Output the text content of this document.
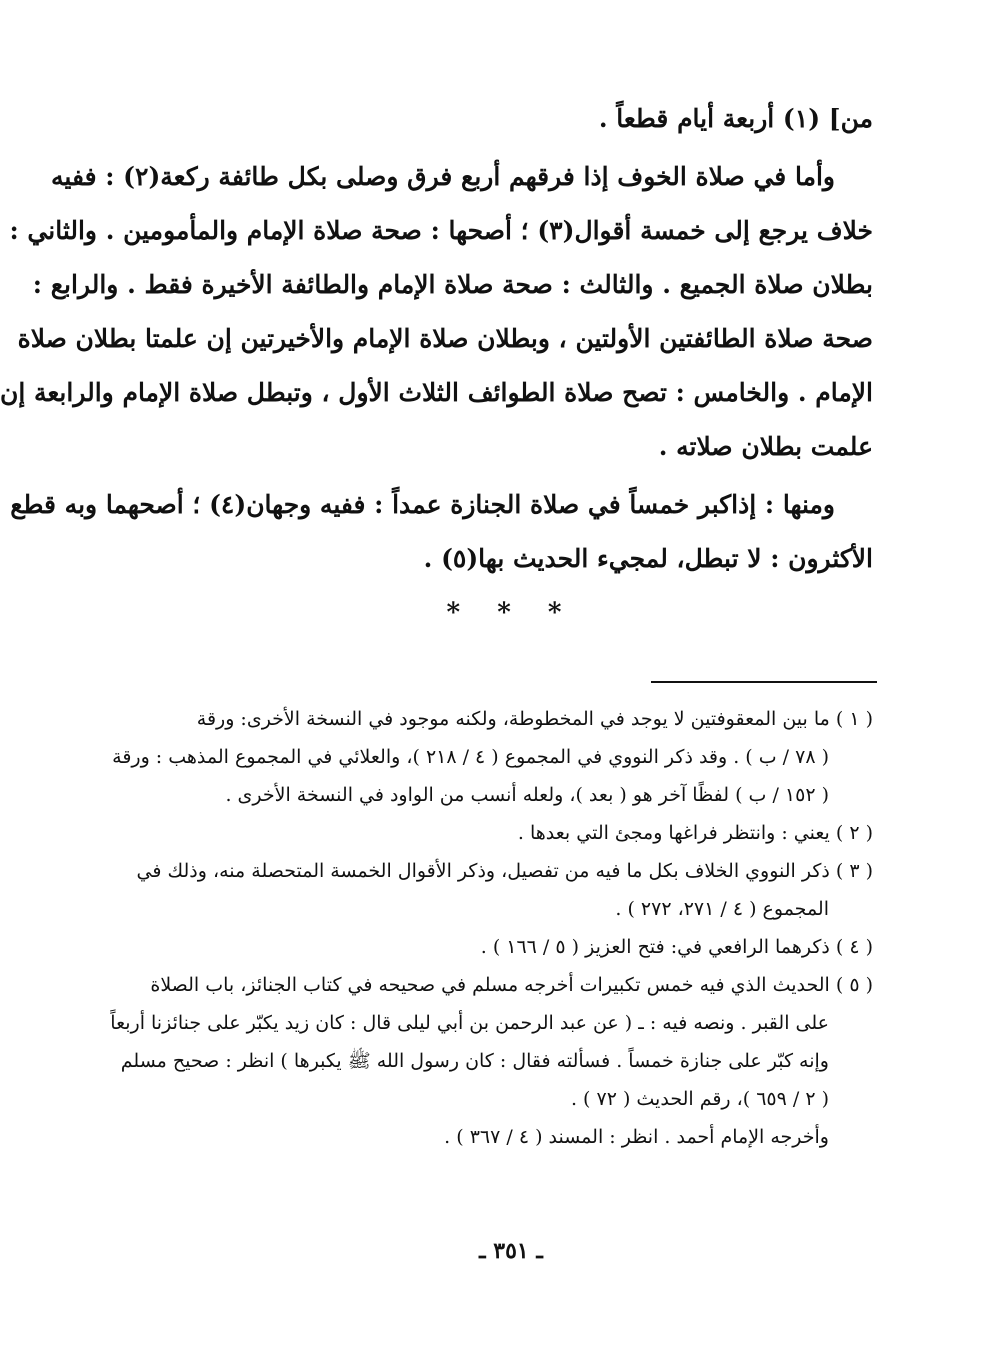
من] (١) أربعة أيام قطعاً .
وأما في صلاة الخوف إذا فرقهم أربع فرق وصلى بكل طائفة ركعة(٢) : ففيه
خلاف يرجع إلى خمسة أقوال(٣) ؛ أصحها : صحة صلاة الإمام والمأمومين . والثاني :
بطلان صلاة الجميع . والثالث : صحة صلاة الإمام والطائفة الأخيرة فقط . والرابع :
صحة صلاة الطائفتين الأولتين ، وبطلان صلاة الإمام والأخيرتين إن علمتا بطلان صلاة
الإمام . والخامس : تصح صلاة الطوائف الثلاث الأول ، وتبطل صلاة الإمام والرابعة إن
علمت بطلان صلاته .
ومنها : إذاكبر خمساً في صلاة الجنازة عمداً : ففيه وجهان(٤) ؛ أصحهما وبه قطع
الأكثرون : لا تبطل، لمجيء الحديث بها(٥) .
* * *
( ١ ) ما بين المعقوفتين لا يوجد في المخطوطة، ولكنه موجود في النسخة الأخرى: ورقة
( ٧٨ / ب ) . وقد ذكر النووي في المجموع ( ٤ / ٢١٨ )، والعلائي في المجموع المذهب : ورقة
( ١٥٢ / ب ) لفظًا آخر هو ( بعد )، ولعله أنسب من الواود في النسخة الأخرى .
( ٢ ) يعني : وانتظر فراغها ومجئ التي بعدها .
( ٣ ) ذكر النووي الخلاف بكل ما فيه من تفصيل، وذكر الأقوال الخمسة المتحصلة منه، وذلك في
المجموع ( ٤ / ٢٧١، ٢٧٢ ) .
( ٤ ) ذكرهما الرافعي في: فتح العزيز ( ٥ / ١٦٦ ) .
( ٥ ) الحديث الذي فيه خمس تكبيرات أخرجه مسلم في صحيحه في كتاب الجنائز، باب الصلاة
على القبر . ونصه فيه : ـ ( عن عبد الرحمن بن أبي ليلى قال : كان زيد يكبّر على جنائزنا أربعاً
وإنه كبّر على جنازة خمساً . فسألته فقال : كان رسول الله ﷺ يكبرها ) انظر : صحيح مسلم
( ٢ / ٦٥٩ )، رقم الحديث ( ٧٢ ) .
وأخرجه الإمام أحمد . انظر : المسند ( ٤ / ٣٦٧ ) .
ـ ٣٥١ ـ
